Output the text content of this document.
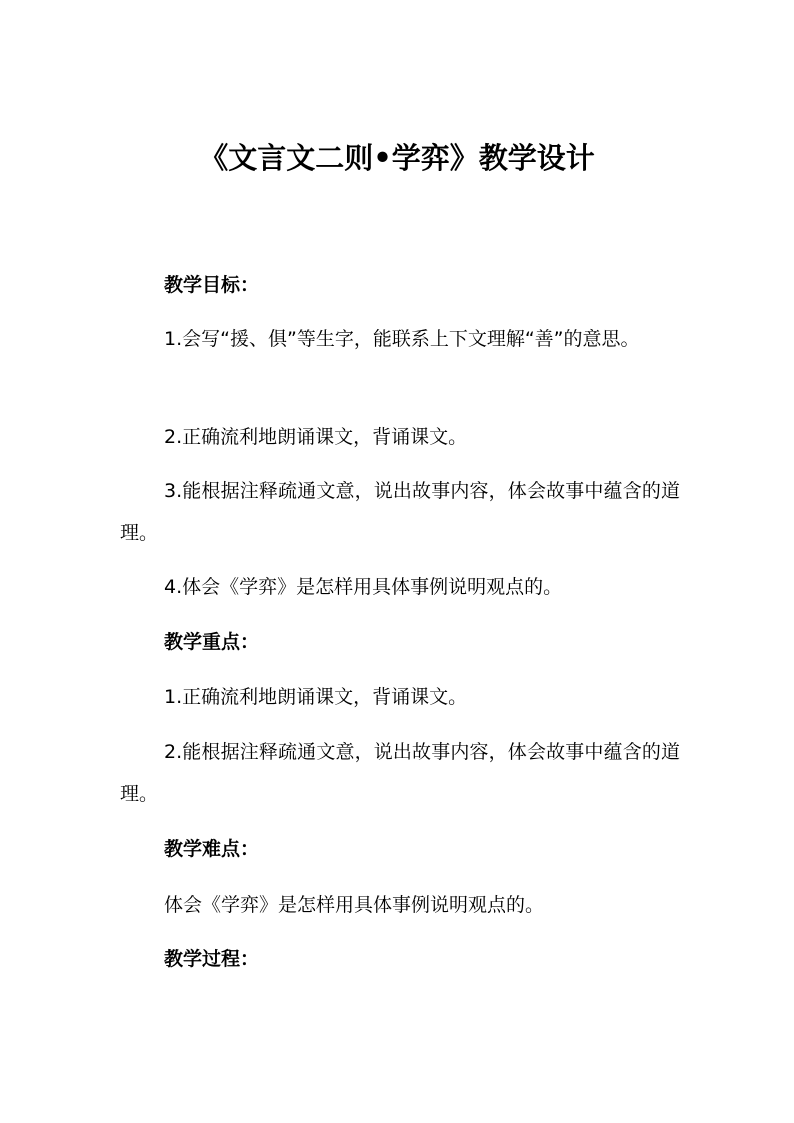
《文言文二则•学弈》教学设计

教学目标：

1.会写“援、俱”等生字，能联系上下文理解“善”的意思。

2.正确流利地朗诵课文，背诵课文。

3.能根据注释疏通文意，说出故事内容，体会故事中蕴含的道理。

4.体会《学弈》是怎样用具体事例说明观点的。

教学重点：

1.正确流利地朗诵课文，背诵课文。

2.能根据注释疏通文意，说出故事内容，体会故事中蕴含的道理。

教学难点：

体会《学弈》是怎样用具体事例说明观点的。

教学过程：
